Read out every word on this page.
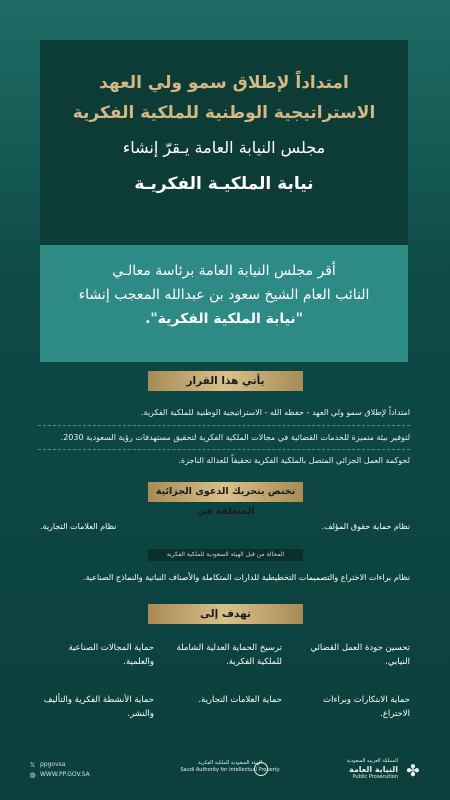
امتداداً لإطلاق سمو ولي العهد
الاستراتيجية الوطنية للملكية الفكرية
مجلس النيابة العامة يـقرّ إنشاء
نيابة الملكيـة الفكريـة
أقر مجلس النيابة العامة برئاسة معالـي
النائب العام الشيخ سعود بن عبدالله المعجب إنشاء
"نيابة الملكية الفكرية".
يأتي هذا القرار
امتداداً لإطلاق سمو ولي العهد - حفظه الله - الاستراتيجية الوطنية للملكية الفكرية.
لتوفير بيئة متميزة للخدمات القضائية في مجالات الملكية الفكرية لتحقيق مستهدفات رؤية السعودية 2030.
لحوكمة العمل الجزائي المتصل بالملكية الفكرية تحقيقاً للعدالة الناجزة.
تختص بتحريك الدعوى الجزائية المتعلقة في
نظام حماية حقوق المؤلف.
نظام العلامات التجارية.
المحالة من قبل الهيئة السعودية للملكية الفكرية
نظام براءات الاختراع والتصميمات التخطيطية للدارات المتكاملة والأصناف النباتية والنماذج الصناعية.
تهدف إلى
تحسين جودة العمل القضائي النيابي.
ترسيخ الحماية العدلية الشاملة للملكية الفكرية.
حماية المجالات الصناعية والعلمية.
حماية الابتكارات وبراءات الاختراع.
حماية العلامات التجارية.
حماية الأنشطة الفكرية والتأليف والنشر.
𝕏 ppgovsa
◍ WWW.PP.GOV.SA
الهيئة السعودية للملكية الفكرية
Saudi Authority for Intellectual Property
المملكة العربية السعودية
النيابة العامة
Public Prosecution ✤
